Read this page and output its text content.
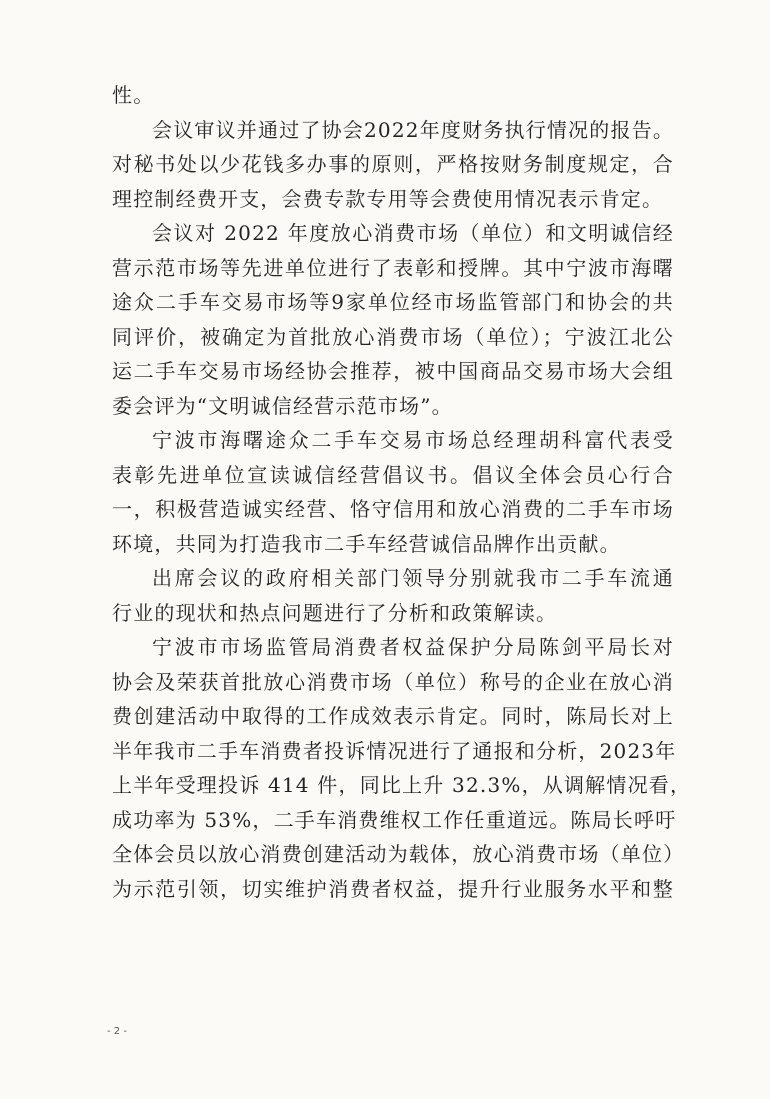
性。
会议审议并通过了协会2022年度财务执行情况的报告。
对秘书处以少花钱多办事的原则，严格按财务制度规定，合
理控制经费开支，会费专款专用等会费使用情况表示肯定。
会议对 2022 年度放心消费市场（单位）和文明诚信经
营示范市场等先进单位进行了表彰和授牌。其中宁波市海曙
途众二手车交易市场等9家单位经市场监管部门和协会的共
同评价，被确定为首批放心消费市场（单位）；宁波江北公
运二手车交易市场经协会推荐，被中国商品交易市场大会组
委会评为“文明诚信经营示范市场”。
宁波市海曙途众二手车交易市场总经理胡科富代表受
表彰先进单位宣读诚信经营倡议书。倡议全体会员心行合
一，积极营造诚实经营、恪守信用和放心消费的二手车市场
环境，共同为打造我市二手车经营诚信品牌作出贡献。
出席会议的政府相关部门领导分别就我市二手车流通
行业的现状和热点问题进行了分析和政策解读。
宁波市市场监管局消费者权益保护分局陈剑平局长对
协会及荣获首批放心消费市场（单位）称号的企业在放心消
费创建活动中取得的工作成效表示肯定。同时，陈局长对上
半年我市二手车消费者投诉情况进行了通报和分析，2023年
上半年受理投诉 414 件，同比上升 32.3%，从调解情况看，
成功率为 53%，二手车消费维权工作任重道远。陈局长呼吁
全体会员以放心消费创建活动为载体，放心消费市场（单位）
为示范引领，切实维护消费者权益，提升行业服务水平和整
- 2 -
